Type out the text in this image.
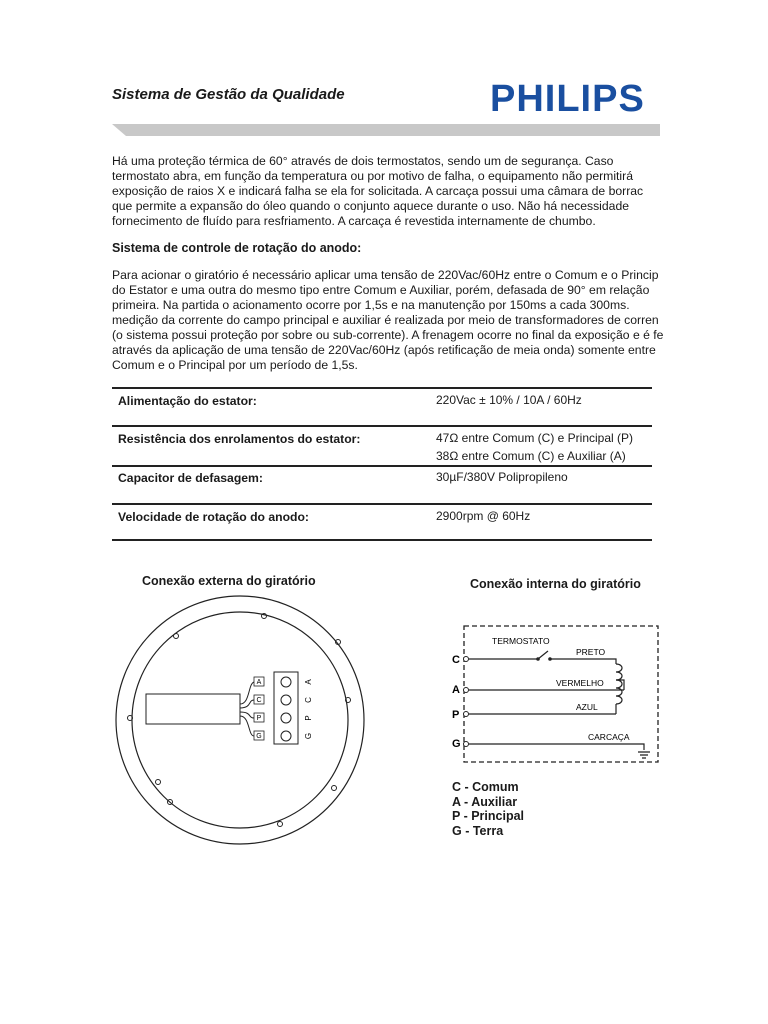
Sistema de Gestão da Qualidade	PHILIPS
Há uma proteção térmica de 60° através de dois termostatos, sendo um de segurança. Caso
termostato abra, em função da temperatura ou por motivo de falha, o equipamento não permitirá
exposição de raios X e indicará falha se ela for solicitada. A carcaça possui uma câmara de borrac
que permite a expansão do óleo quando o conjunto aquece durante o uso. Não há necessidade
fornecimento de fluído para resfriamento. A carcaça é revestida internamente de chumbo.
Sistema de controle de rotação do anodo:
Para acionar o giratório é necessário aplicar uma tensão de 220Vac/60Hz entre o Comum e o Princip
do Estator e uma outra do mesmo tipo entre Comum e Auxiliar, porém, defasada de 90° em relação
primeira. Na partida o acionamento ocorre por 1,5s e na manutenção por 150ms a cada 300ms.
medição da corrente do campo principal e auxiliar é realizada por meio de transformadores de corren
(o sistema possui proteção por sobre ou sub-corrente). A frenagem ocorre no final da exposição e é fe
através da aplicação de uma tensão de 220Vac/60Hz (após retificação de meia onda) somente entre
Comum e o Principal por um período de 1,5s.
Alimentação do estator:	220Vac ± 10% / 10A / 60Hz
Resistência dos enrolamentos do estator:	47Ω entre Comum (C) e Principal (P)
38Ω entre Comum (C) e Auxiliar (A)
Capacitor de defasagem:	30µF/380V Polipropileno
Velocidade de rotação do anodo:	2900rpm @ 60Hz
Conexão externa do giratório
A
C
P
G	G
P
C
A
Conexão interna do giratório
C
A
P
G
TERMOSTATO
PRETO
VERMELHO
AZUL
CARCAÇA
C - Comum
A - Auxiliar
P - Principal
G - Terra
